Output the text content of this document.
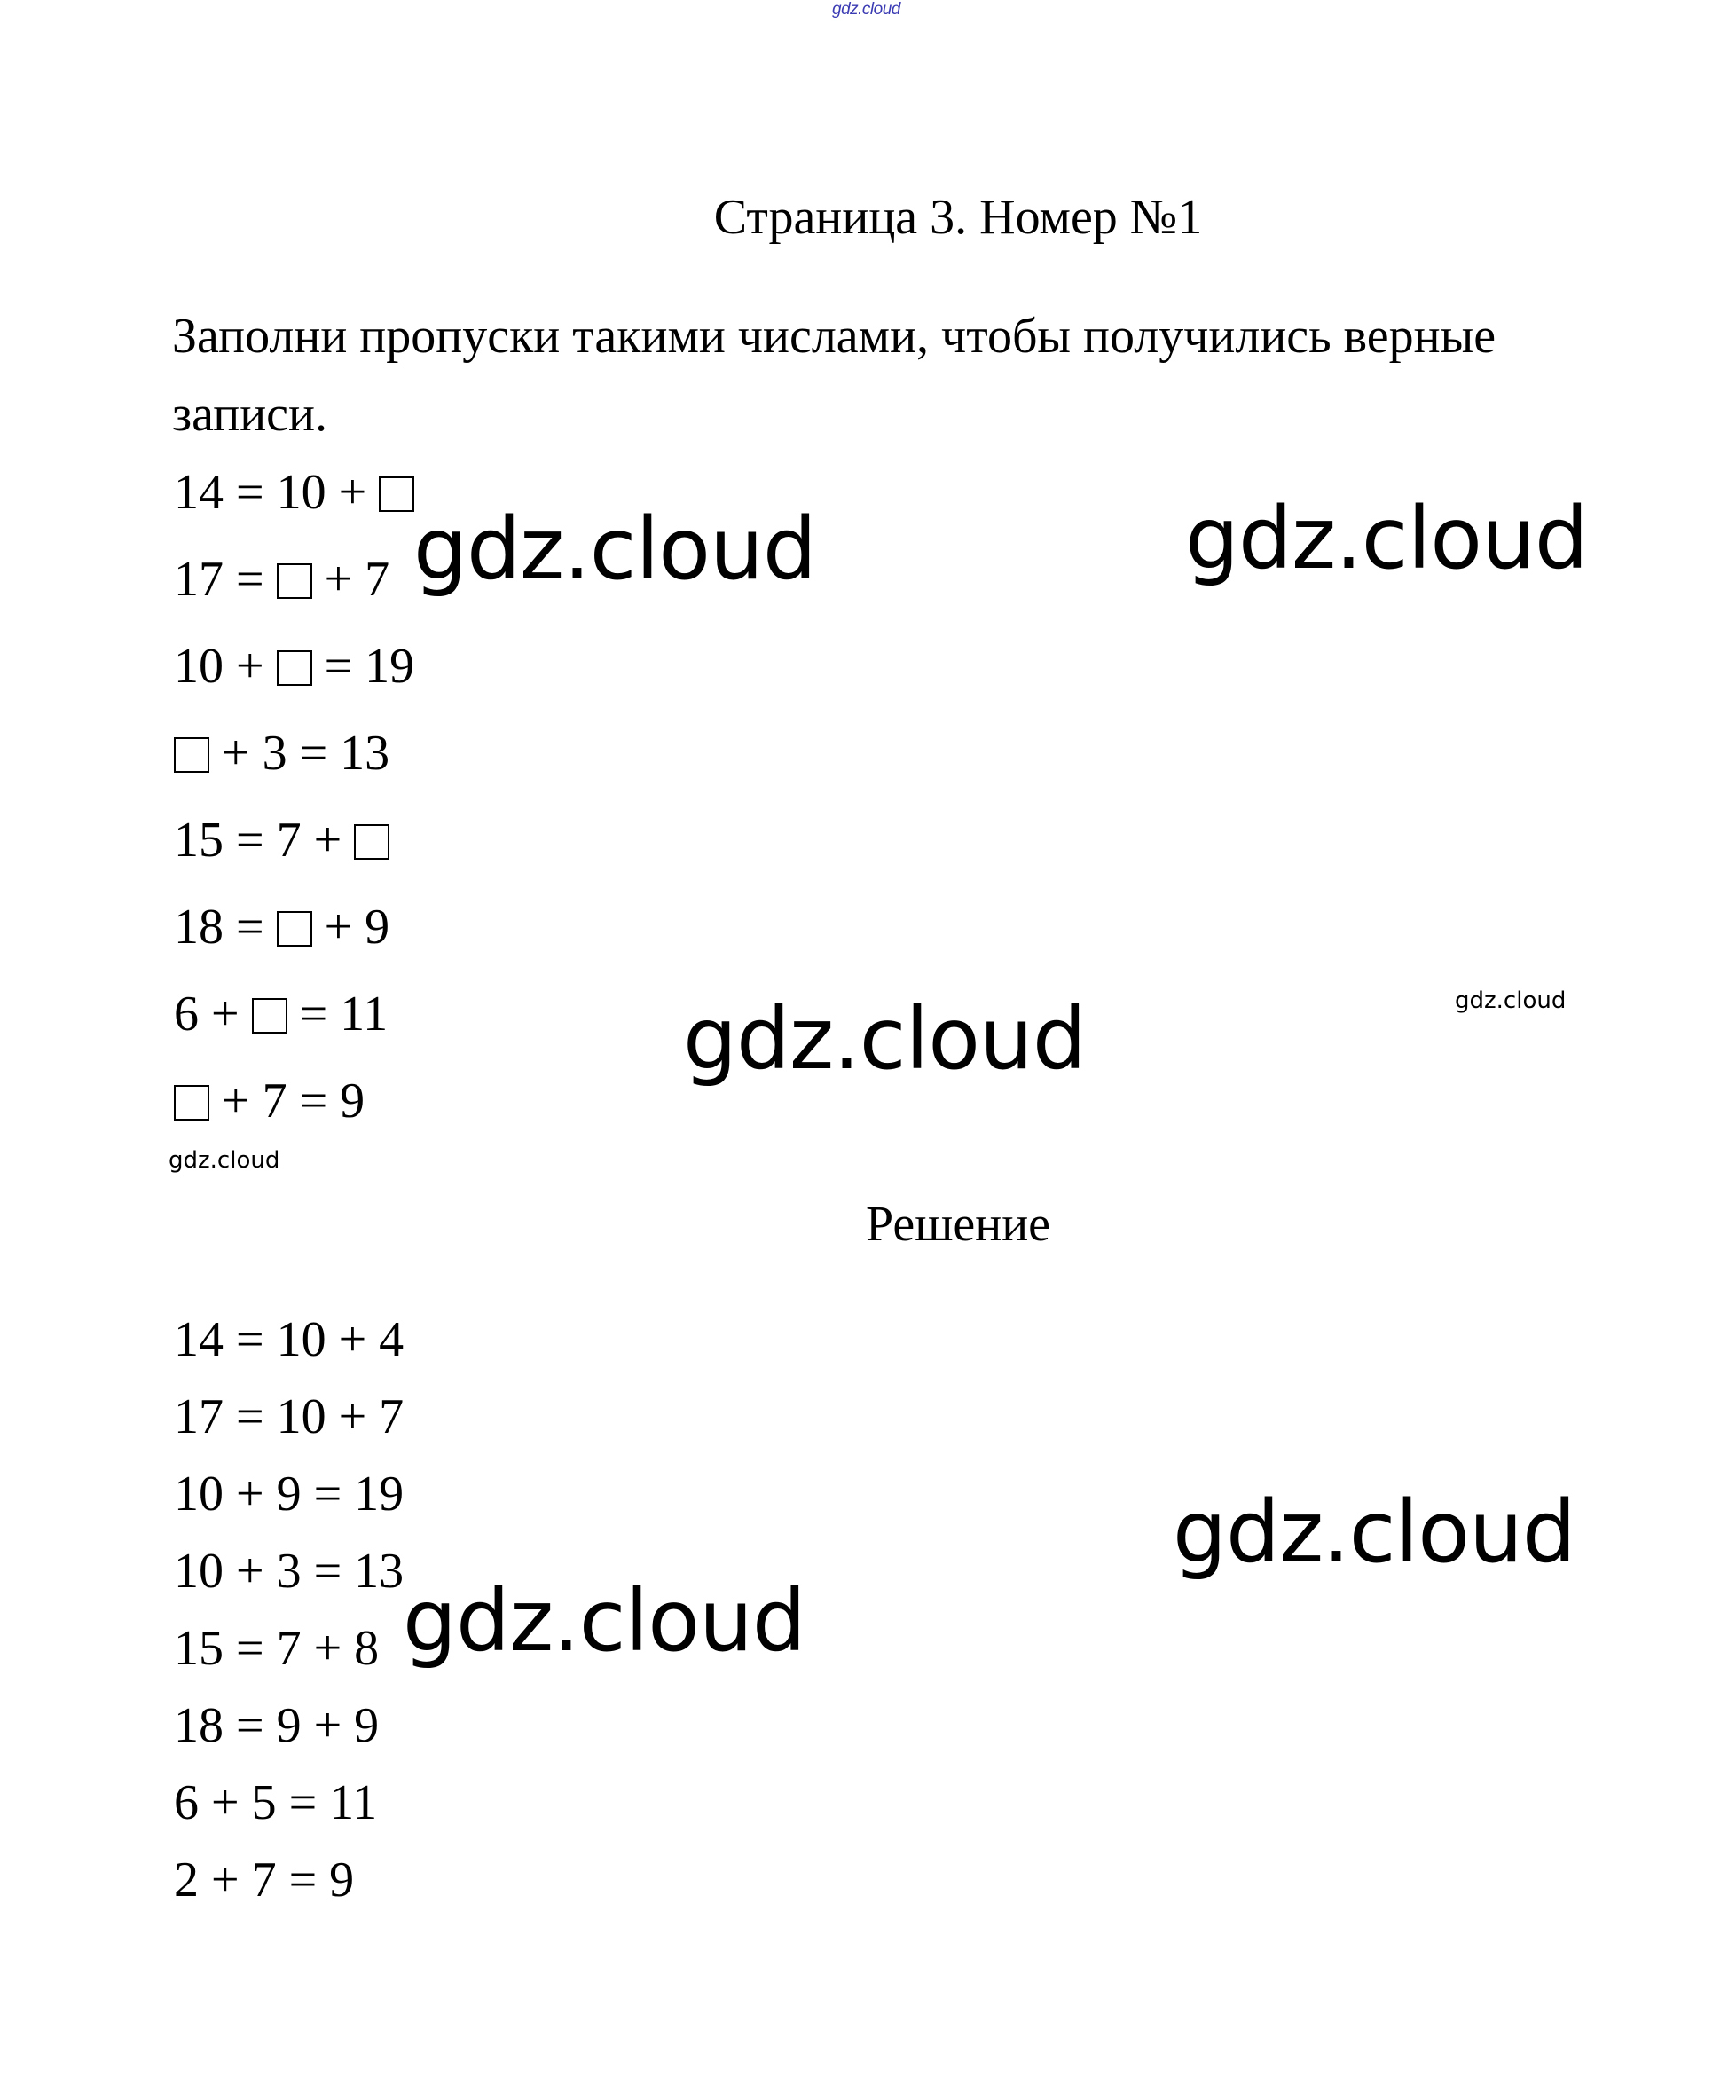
gdz.cloud
Страница 3. Номер №1
Заполни пропуски такими числами, чтобы получились верные записи.
14 = 10 +
17 =  + 7
10 +  = 19
+ 3 = 13
15 = 7 +
18 =  + 9
6 +  = 11
+ 7 = 9
Решение
14 = 10 + 4
17 = 10 + 7
10 + 9 = 19
10 + 3 = 13
15 = 7 + 8
18 = 9 + 9
6 + 5 = 11
2 + 7 = 9
gdz.cloud	gdz.cloud
gdz.cloud
gdz.cloud
gdz.cloud
gdz.cloud
gdz.cloud
